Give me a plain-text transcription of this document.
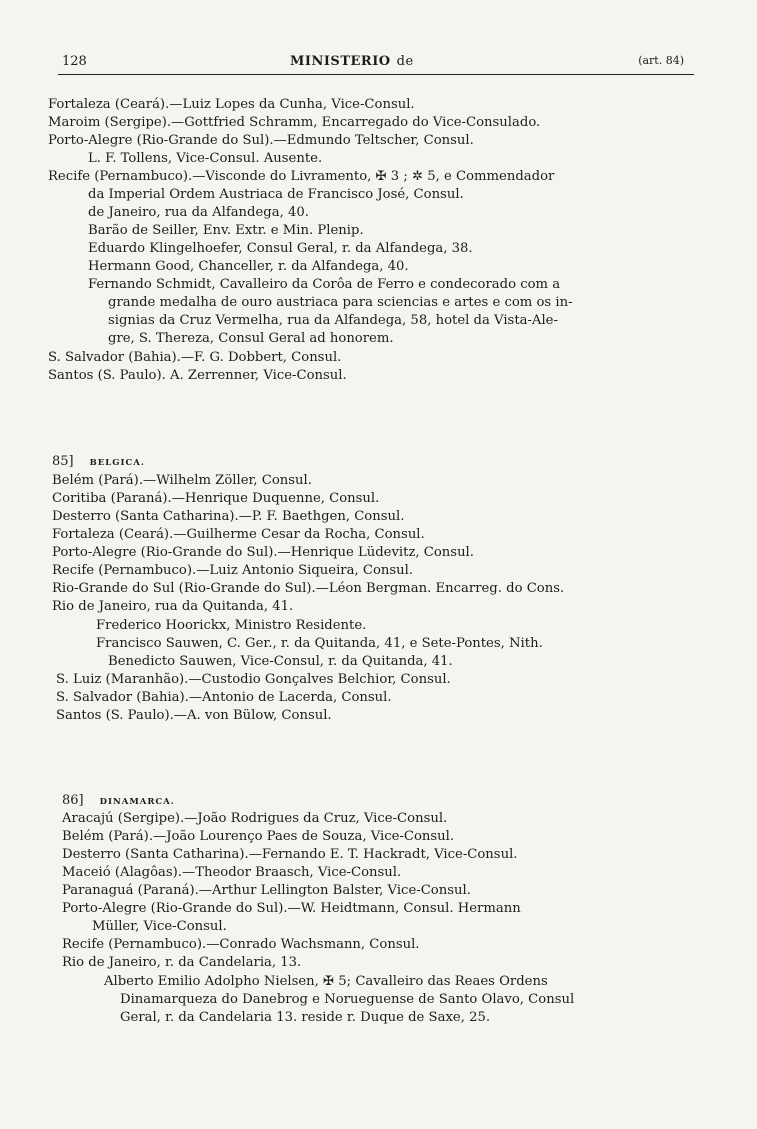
128	MINISTERIO de	(art. 84)
Fortaleza (Ceará).—Luiz Lopes da Cunha, Vice-Consul.
Maroim (Sergipe).—Gottfried Schramm, Encarregado do Vice-Consulado.
Porto-Alegre (Rio-Grande do Sul).—Edmundo Teltscher, Consul.
L. F. Tollens, Vice-Consul. Ausente.
Recife (Pernambuco).—Visconde do Livramento, ✠ 3 ; ✲ 5, e Commendador
da Imperial Ordem Austriaca de Francisco José, Consul.
de Janeiro, rua da Alfandega, 40.
Barão de Seiller, Env. Extr. e Min. Plenip.
Eduardo Klingelhoefer, Consul Geral, r. da Alfandega, 38.
Hermann Good, Chanceller, r. da Alfandega, 40.
Fernando Schmidt, Cavalleiro da Corôa de Ferro e condecorado com a
grande medalha de ouro austriaca para sciencias e artes e com os in-
signias da Cruz Vermelha, rua da Alfandega, 58, hotel da Vista-Ale-
gre, S. Thereza, Consul Geral ad honorem.
S. Salvador (Bahia).—F. G. Dobbert, Consul.
Santos (S. Paulo). A. Zerrenner, Vice-Consul.
85] BELGICA.
Belém (Pará).—Wilhelm Zöller, Consul.
Coritiba (Paraná).—Henrique Duquenne, Consul.
Desterro (Santa Catharina).—P. F. Baethgen, Consul.
Fortaleza (Ceará).—Guilherme Cesar da Rocha, Consul.
Porto-Alegre (Rio-Grande do Sul).—Henrique Lüdevitz, Consul.
Recife (Pernambuco).—Luiz Antonio Siqueira, Consul.
Rio-Grande do Sul (Rio-Grande do Sul).—Léon Bergman. Encarreg. do Cons.
Rio de Janeiro, rua da Quitanda, 41.
Frederico Hoorickx, Ministro Residente.
Francisco Sauwen, C. Ger., r. da Quitanda, 41, e Sete-Pontes, Nith.
Benedicto Sauwen, Vice-Consul, r. da Quitanda, 41.
S. Luiz (Maranhão).—Custodio Gonçalves Belchior, Consul.
S. Salvador (Bahia).—Antonio de Lacerda, Consul.
Santos (S. Paulo).—A. von Bülow, Consul.
86] DINAMARCA.
Aracajú (Sergipe).—João Rodrigues da Cruz, Vice-Consul.
Belém (Pará).—João Lourenço Paes de Souza, Vice-Consul.
Desterro (Santa Catharina).—Fernando E. T. Hackradt, Vice-Consul.
Maceió (Alagôas).—Theodor Braasch, Vice-Consul.
Paranaguá (Paraná).—Arthur Lellington Balster, Vice-Consul.
Porto-Alegre (Rio-Grande do Sul).—W. Heidtmann, Consul. Hermann
Müller, Vice-Consul.
Recife (Pernambuco).—Conrado Wachsmann, Consul.
Rio de Janeiro, r. da Candelaria, 13.
Alberto Emilio Adolpho Nielsen, ✠ 5; Cavalleiro das Reaes Ordens
Dinamarqueza do Danebrog e Norueguense de Santo Olavo, Consul
Geral, r. da Candelaria 13. reside r. Duque de Saxe, 25.
